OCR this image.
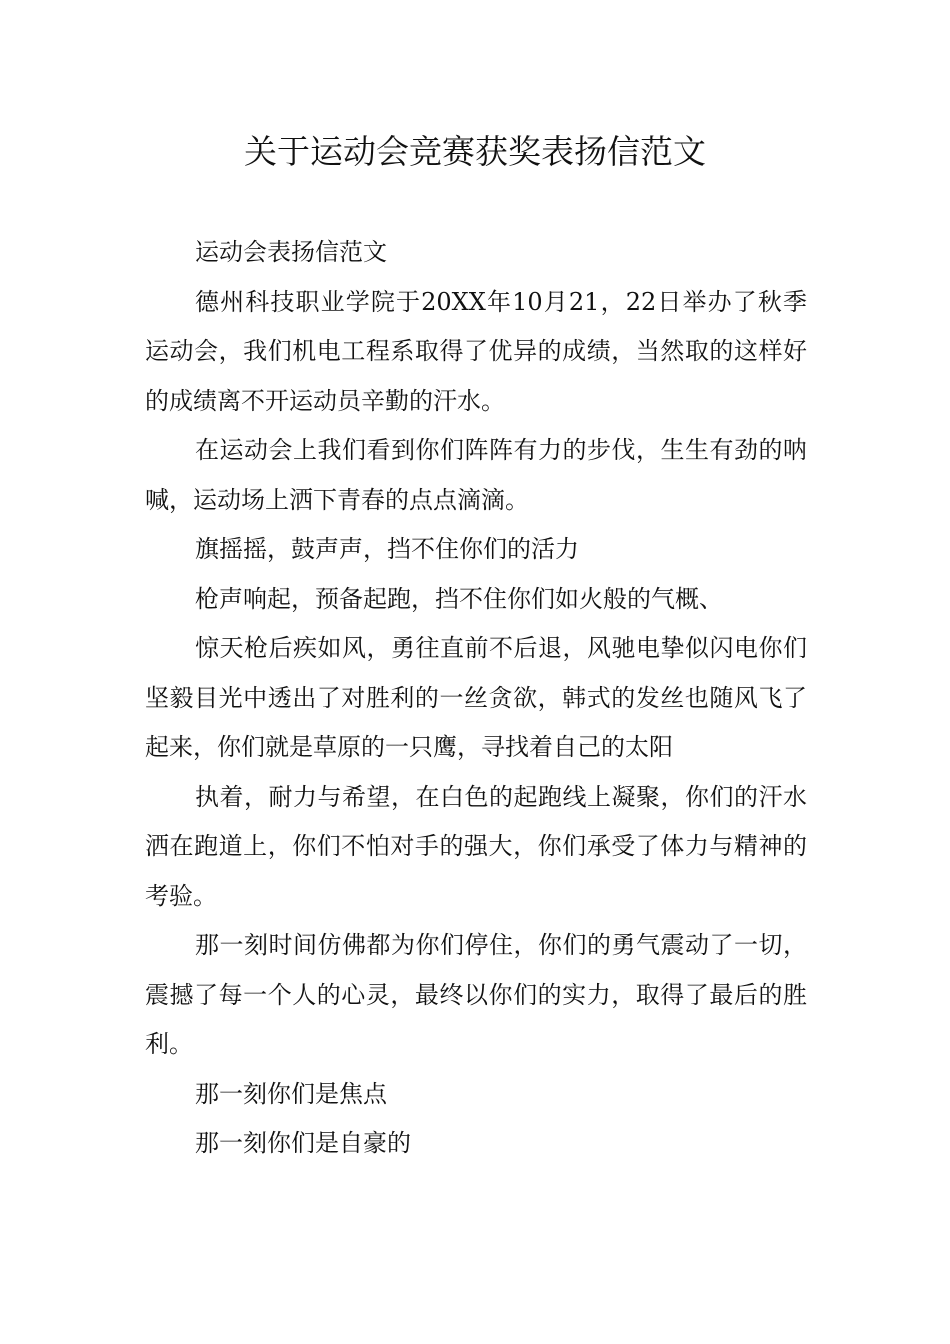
关于运动会竞赛获奖表扬信范文

运动会表扬信范文

德州科技职业学院于20XX年10月21，22日举办了秋季运动会，我们机电工程系取得了优异的成绩，当然取的这样好的成绩离不开运动员辛勤的汗水。

在运动会上我们看到你们阵阵有力的步伐，生生有劲的呐喊，运动场上洒下青春的点点滴滴。

旗摇摇，鼓声声，挡不住你们的活力

枪声响起，预备起跑，挡不住你们如火般的气概、

惊天枪后疾如风，勇往直前不后退，风驰电挚似闪电你们坚毅目光中透出了对胜利的一丝贪欲，韩式的发丝也随风飞了起来，你们就是草原的一只鹰，寻找着自己的太阳

执着，耐力与希望，在白色的起跑线上凝聚，你们的汗水洒在跑道上，你们不怕对手的强大，你们承受了体力与精神的考验。

那一刻时间仿佛都为你们停住，你们的勇气震动了一切，震撼了每一个人的心灵，最终以你们的实力，取得了最后的胜利。

那一刻你们是焦点

那一刻你们是自豪的
